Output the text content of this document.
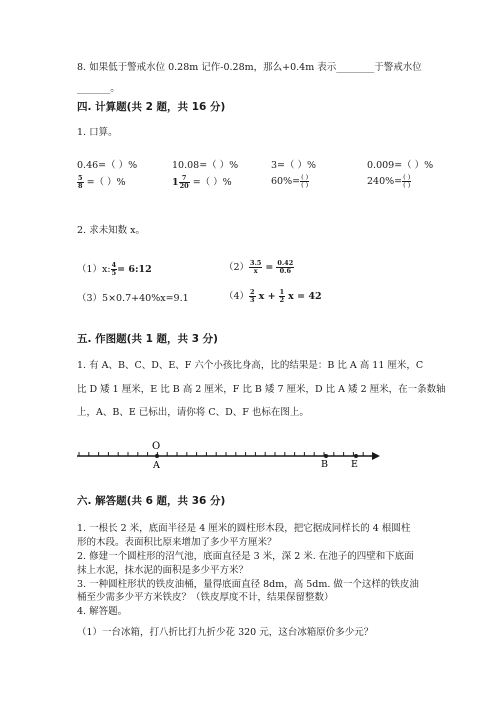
8. 如果低于警戒水位 0.28m 记作-0.28m，那么+0.4m 表示________于警戒水位
_______。
四. 计算题(共 2 题，共 16 分)
1. 口算。
0.46=（ ）%	10.08=（ ）%	3=（ ）%	0.009=（ ）%
$\frac{5}{8}$ =（ ）%	$1 \frac{7}{20}$ =（ ）%	$60\%= \frac{( )}{( )}$	$240\%= \frac{( )}{( )}$
2. 求未知数 x。
（1）x: $\frac{4}{5}$ = 6:12	$(2) \frac{3.5}{x} = \frac{0.42}{0.6}$
（3）5×0.7+40%x=9.1	$(4) \frac{2}{3}$ $x + \frac{1}{2}$ x = 42
五. 作图题(共 1 题，共 3 分)
1. 有 A、B、C、D、E、F 六个小孩比身高，比的结果是：B 比 A 高 11 厘米，C
比 D 矮 1 厘米，E 比 B 高 2 厘米，F 比 B 矮 7 厘米，D 比 A 矮 2 厘米，在一条数轴
上，A、B、E 已标出，请你将 C、D、F 也标在图上。
O
A	B E
六. 解答题(共 6 题，共 36 分)
1. 一根长 2 米，底面半径是 4 厘米的圆柱形木段，把它据成同样长的 4 根圆柱
形的木段。表面积比原来增加了多少平方厘米？
2. 修建一个圆柱形的沼气池，底面直径是 3 米，深 2 米. 在池子的四壁和下底面
抹上水泥，抹水泥的面积是多少平方米？
3. 一种圆柱形状的铁皮油桶，量得底面直径 8dm，高 5dm. 做一个这样的铁皮油
桶至少需多少平方米铁皮？（铁皮厚度不计，结果保留整数）
4. 解答题。
（1）一台冰箱，打八折比打九折少花 320 元，这台冰箱原价多少元？
